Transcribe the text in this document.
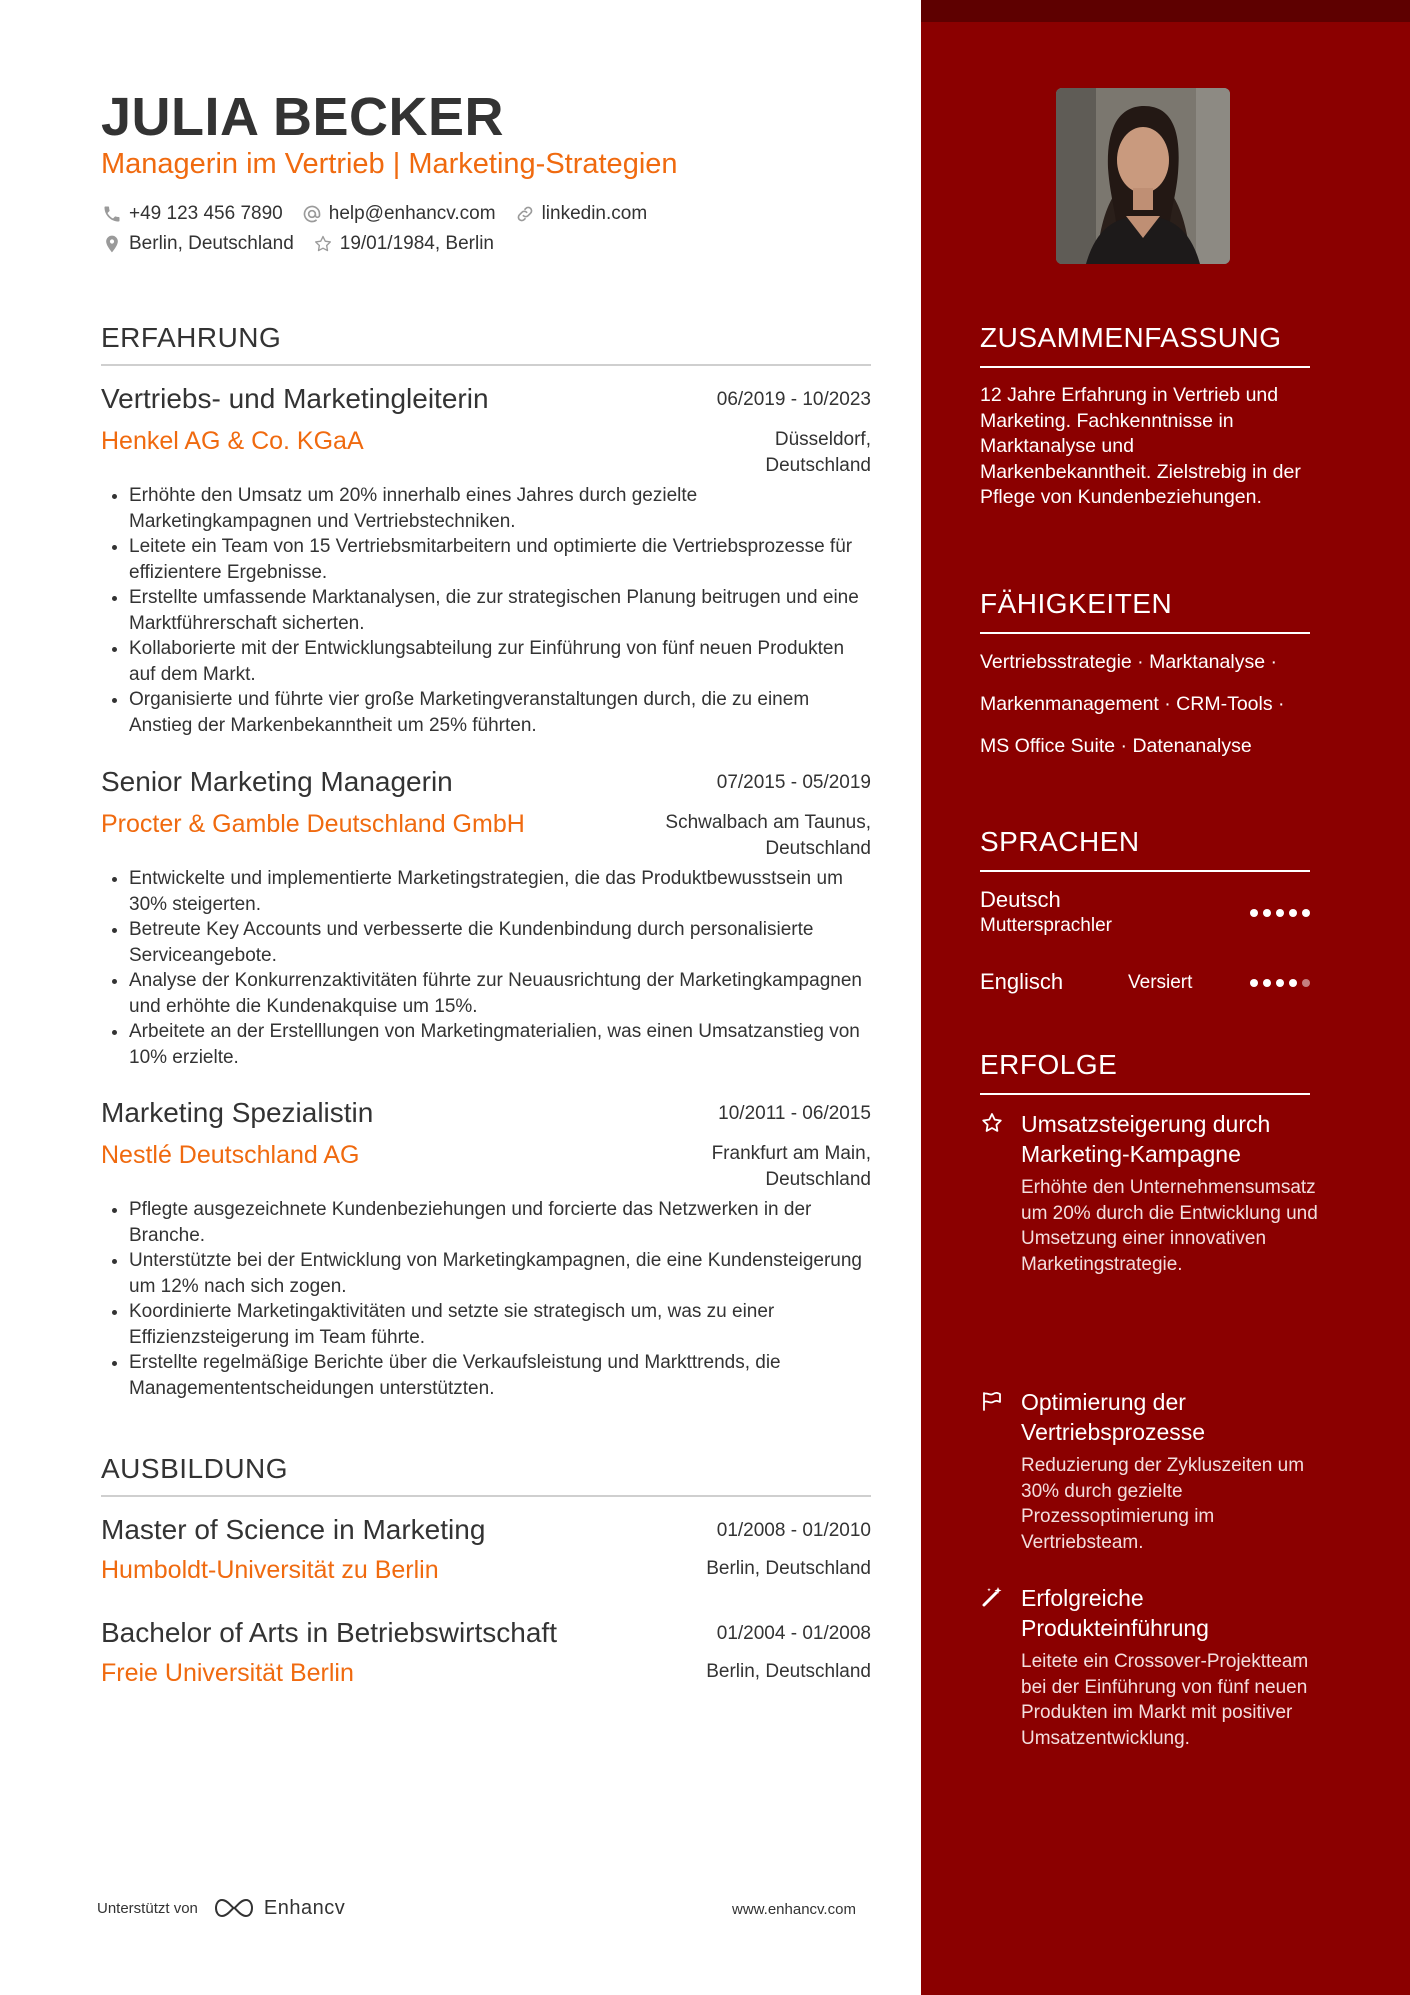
JULIA BECKER
Managerin im Vertrieb | Marketing-Strategien
+49 123 456 7890 help@enhancv.com linkedin.com
Berlin, Deutschland 19/01/1984, Berlin
ERFAHRUNG
Vertriebs- und Marketingleiterin	06/2019 - 10/2023
Henkel AG & Co. KGaA	Düsseldorf, Deutschland
• Erhöhte den Umsatz um 20% innerhalb eines Jahres durch gezielte Marketingkampagnen und Vertriebstechniken.
• Leitete ein Team von 15 Vertriebsmitarbeitern und optimierte die Vertriebsprozesse für effizientere Ergebnisse.
• Erstellte umfassende Marktanalysen, die zur strategischen Planung beitrugen und eine Marktführerschaft sicherten.
• Kollaborierte mit der Entwicklungsabteilung zur Einführung von fünf neuen Produkten auf dem Markt.
• Organisierte und führte vier große Marketingveranstaltungen durch, die zu einem Anstieg der Markenbekanntheit um 25% führten.
Senior Marketing Managerin	07/2015 - 05/2019
Procter & Gamble Deutschland GmbH	Schwalbach am Taunus, Deutschland
• Entwickelte und implementierte Marketingstrategien, die das Produktbewusstsein um 30% steigerten.
• Betreute Key Accounts und verbesserte die Kundenbindung durch personalisierte Serviceangebote.
• Analyse der Konkurrenzaktivitäten führte zur Neuausrichtung der Marketingkampagnen und erhöhte die Kundenakquise um 15%.
• Arbeitete an der Erstelllungen von Marketingmaterialien, was einen Umsatzanstieg von 10% erzielte.
Marketing Spezialistin	10/2011 - 06/2015
Nestlé Deutschland AG	Frankfurt am Main, Deutschland
• Pflegte ausgezeichnete Kundenbeziehungen und forcierte das Netzwerken in der Branche.
• Unterstützte bei der Entwicklung von Marketingkampagnen, die eine Kundensteigerung um 12% nach sich zogen.
• Koordinierte Marketingaktivitäten und setzte sie strategisch um, was zu einer Effizienzsteigerung im Team führte.
• Erstellte regelmäßige Berichte über die Verkaufsleistung und Markttrends, die Managemententscheidungen unterstützten.
AUSBILDUNG
Master of Science in Marketing	01/2008 - 01/2010
Humboldt-Universität zu Berlin	Berlin, Deutschland
Bachelor of Arts in Betriebswirtschaft	01/2004 - 01/2008
Freie Universität Berlin	Berlin, Deutschland
ZUSAMMENFASSUNG
12 Jahre Erfahrung in Vertrieb und Marketing. Fachkenntnisse in Marktanalyse und Markenbekanntheit. Zielstrebig in der Pflege von Kundenbeziehungen.
FÄHIGKEITEN
Vertriebsstrategie · Marktanalyse ·
Markenmanagement · CRM-Tools ·
MS Office Suite · Datenanalyse
SPRACHEN
Deutsch
Muttersprachler
Englisch	Versiert
ERFOLGE
Umsatzsteigerung durch Marketing-Kampagne
Erhöhte den Unternehmensumsatz um 20% durch die Entwicklung und Umsetzung einer innovativen Marketingstrategie.
Optimierung der Vertriebsprozesse
Reduzierung der Zykluszeiten um 30% durch gezielte Prozessoptimierung im Vertriebsteam.
Erfolgreiche Produkteinführung
Leitete ein Crossover-Projektteam bei der Einführung von fünf neuen Produkten im Markt mit positiver Umsatzentwicklung.
Unterstützt von	Enhancv	www.enhancv.com
